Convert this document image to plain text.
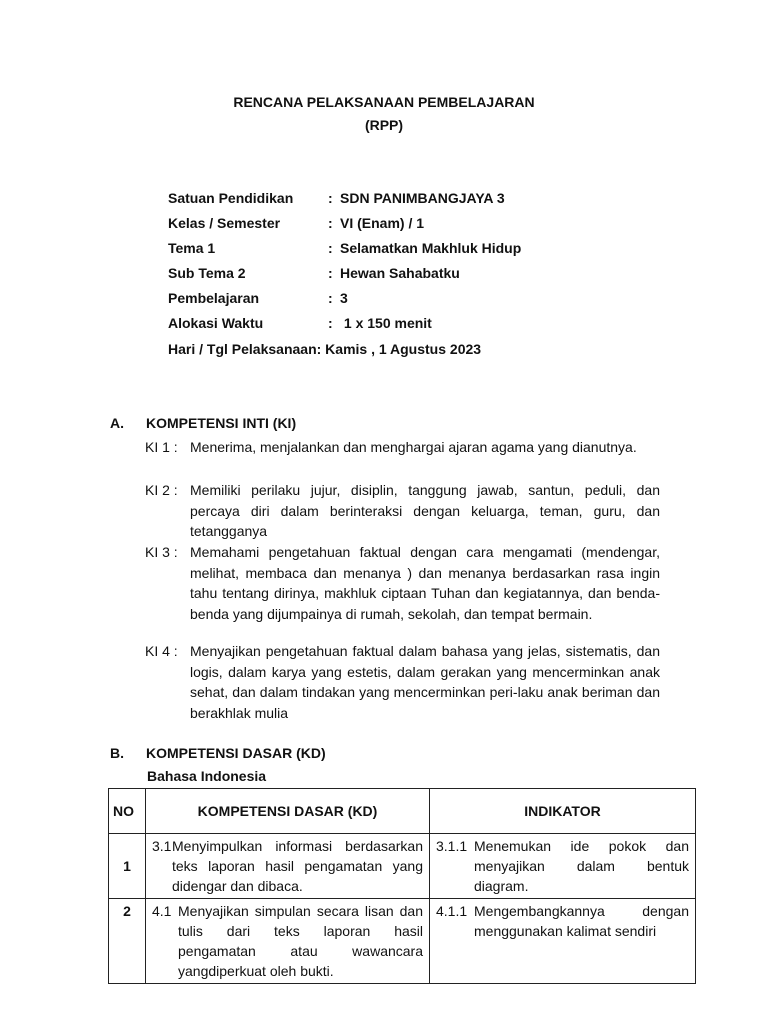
RENCANA PELAKSANAAN PEMBELAJARAN
(RPP)
Satuan Pendidikan : SDN PANIMBANGJAYA 3
Kelas / Semester	: VI (Enam) / 1
Tema 1	: Selamatkan Makhluk Hidup
Sub Tema 2	: Hewan Sahabatku
Pembelajaran	: 3
Alokasi Waktu	: 1 x 150 menit
Hari / Tgl Pelaksanaan: Kamis , 1 Agustus 2023
A. KOMPETENSI INTI (KI)
KI 1 : Menerima, menjalankan dan menghargai ajaran agama yang dianutnya.
KI 2 : Memiliki perilaku jujur, disiplin, tanggung jawab, santun, peduli, dan percaya diri dalam berinteraksi dengan keluarga, teman, guru, dan tetangganya
KI 3 : Memahami pengetahuan faktual dengan cara mengamati (mendengar, melihat, membaca dan menanya ) dan menanya berdasarkan rasa ingin tahu tentang dirinya, makhluk ciptaan Tuhan dan kegiatannya, dan benda-benda yang dijumpainya di rumah, sekolah, dan tempat bermain.
KI 4 : Menyajikan pengetahuan faktual dalam bahasa yang jelas, sistematis, dan logis, dalam karya yang estetis, dalam gerakan yang mencerminkan anak sehat, dan dalam tindakan yang mencerminkan peri-laku anak beriman dan berakhlak mulia
B. KOMPETENSI DASAR (KD)
Bahasa Indonesia
NO	KOMPETENSI DASAR (KD)	INDIKATOR
1	3.1 Menyimpulkan informasi berdasarkan teks laporan hasil pengamatan yang didengar dan dibaca.	3.1.1 Menemukan ide pokok dan menyajikan dalam bentuk diagram.

2	4.1 Menyajikan simpulan secara lisan dan tulis dari teks laporan hasil pengamatan atau wawancara yangdiperkuat oleh bukti.	4.1.1 Mengembangkannya dengan menggunakan kalimat sendiri
